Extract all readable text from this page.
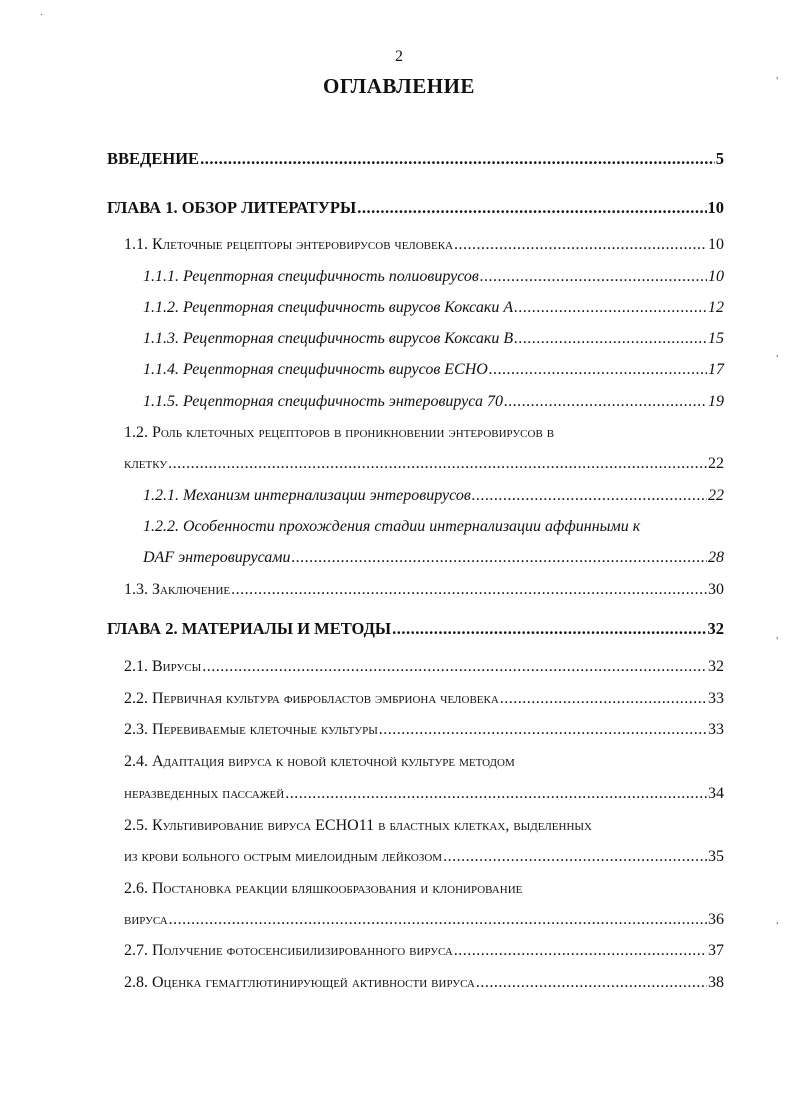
2
ОГЛАВЛЕНИЕ
·
,
,
,
,
ВВЕДЕНИЕ .....	5
ГЛАВА 1. ОБЗОР ЛИТЕРАТУРЫ .....	10
1.1. Клеточные рецепторы энтеровирусов человека .....	10
1.1.1. Рецепторная специфичность полиовирусов .....	10
1.1.2. Рецепторная специфичность вирусов Коксаки А .....	12
1.1.3. Рецепторная специфичность вирусов Коксаки В .....	15
1.1.4. Рецепторная специфичность вирусов ЕСНО .....	17
1.1.5. Рецепторная специфичность энтеровируса 70 .....	19
1.2. Роль клеточных рецепторов в проникновении энтеровирусов в
клетку .....	22
1.2.1. Механизм интернализации энтеровирусов .....	22
1.2.2. Особенности прохождения стадии интернализации аффинными к
DAF энтеровирусами .....	28
1.3. Заключение .....	30
ГЛАВА 2. МАТЕРИАЛЫ И МЕТОДЫ .....	32
2.1. Вирусы .....	32
2.2. Первичная культура фибробластов эмбриона человека .....	33
2.3. Перевиваемые клеточные культуры .....	33
2.4. Адаптация вируса к новой клеточной культуре методом
неразведенных пассажей .....	34
2.5. Культивирование вируса ЕСНО11 в бластных клетках, выделенных
из крови больного острым миелоидным лейкозом .....	35
2.6. Постановка реакции бляшкообразования и клонирование
вируса .....	36
2.7. Получение фотосенсибилизированного вируса .....	37
2.8. Оценка гемагглютинирующей активности вируса .....	38
